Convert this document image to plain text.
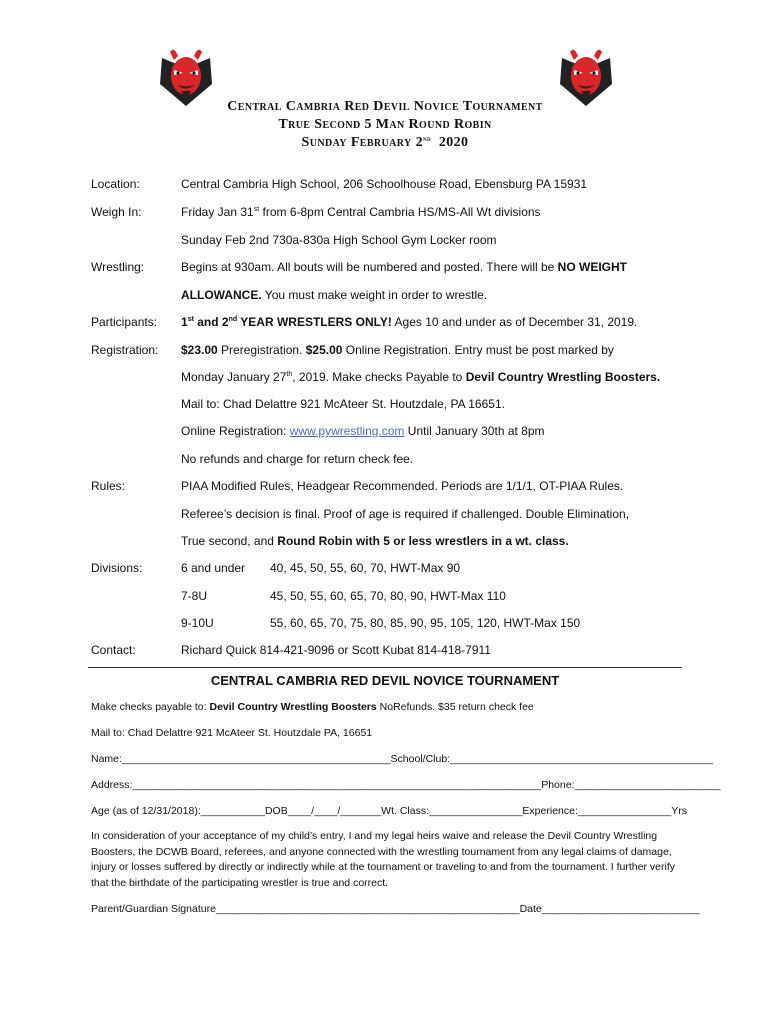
Central Cambria Red Devil Novice Tournament
True Second 5 Man Round Robin
Sunday February 2nd 2020
Location:	Central Cambria High School, 206 Schoolhouse Road, Ebensburg PA 15931
Weigh In:	Friday Jan 31st from 6-8pm Central Cambria HS/MS-All Wt divisions
Sunday Feb 2nd 730a-830a High School Gym Locker room
Wrestling:	Begins at 930am. All bouts will be numbered and posted. There will be NO WEIGHT
ALLOWANCE. You must make weight in order to wrestle.
Participants: 1st and 2nd YEAR WRESTLERS ONLY! Ages 10 and under as of December 31, 2019.
Registration: $23.00 Preregistration. $25.00 Online Registration. Entry must be post marked by
Monday January 27th, 2019. Make checks Payable to Devil Country Wrestling Boosters.
Mail to: Chad Delattre 921 McAteer St. Houtzdale, PA 16651.
Online Registration: www.pywrestling.com Until January 30th at 8pm
No refunds and charge for return check fee.
Rules:	PIAA Modified Rules, Headgear Recommended. Periods are 1/1/1, OT-PIAA Rules.
Referee’s decision is final. Proof of age is required if challenged. Double Elimination,
True second, and Round Robin with 5 or less wrestlers in a wt. class.
Divisions:	6 and under 40, 45, 50, 55, 60, 70, HWT-Max 90
7-8U	45, 50, 55, 60, 65, 70, 80, 90, HWT-Max 110
9-10U	55, 60, 65, 70, 75, 80, 85, 90, 95, 105, 120, HWT-Max 150
Contact:	Richard Quick 814-421-9096 or Scott Kubat 814-418-7911
CENTRAL CAMBRIA RED DEVIL NOVICE TOURNAMENT
Make checks payable to: Devil Country Wrestling Boosters NoRefunds. $35 return check fee
Mail to: Chad Delattre 921 McAteer St. Houtzdale PA, 16651
Name:______________________________________________School/Club:_____________________________________________
Address:______________________________________________________________________Phone:_________________________
Age (as of 12/31/2018):___________DOB____/____/_______Wt. Class:________________Experience:________________Yrs
In consideration of your acceptance of my child’s entry, I and my legal heirs waive and release the Devil Country Wrestling Boosters, the DCWB Board, referees, and anyone connected with the wrestling tournament from any legal claims of damage, injury or losses suffered by directly or indirectly while at the tournament or traveling to and from the tournament. I further verify that the birthdate of the participating wrestler is true and correct.
Parent/Guardian Signature____________________________________________________Date___________________________
